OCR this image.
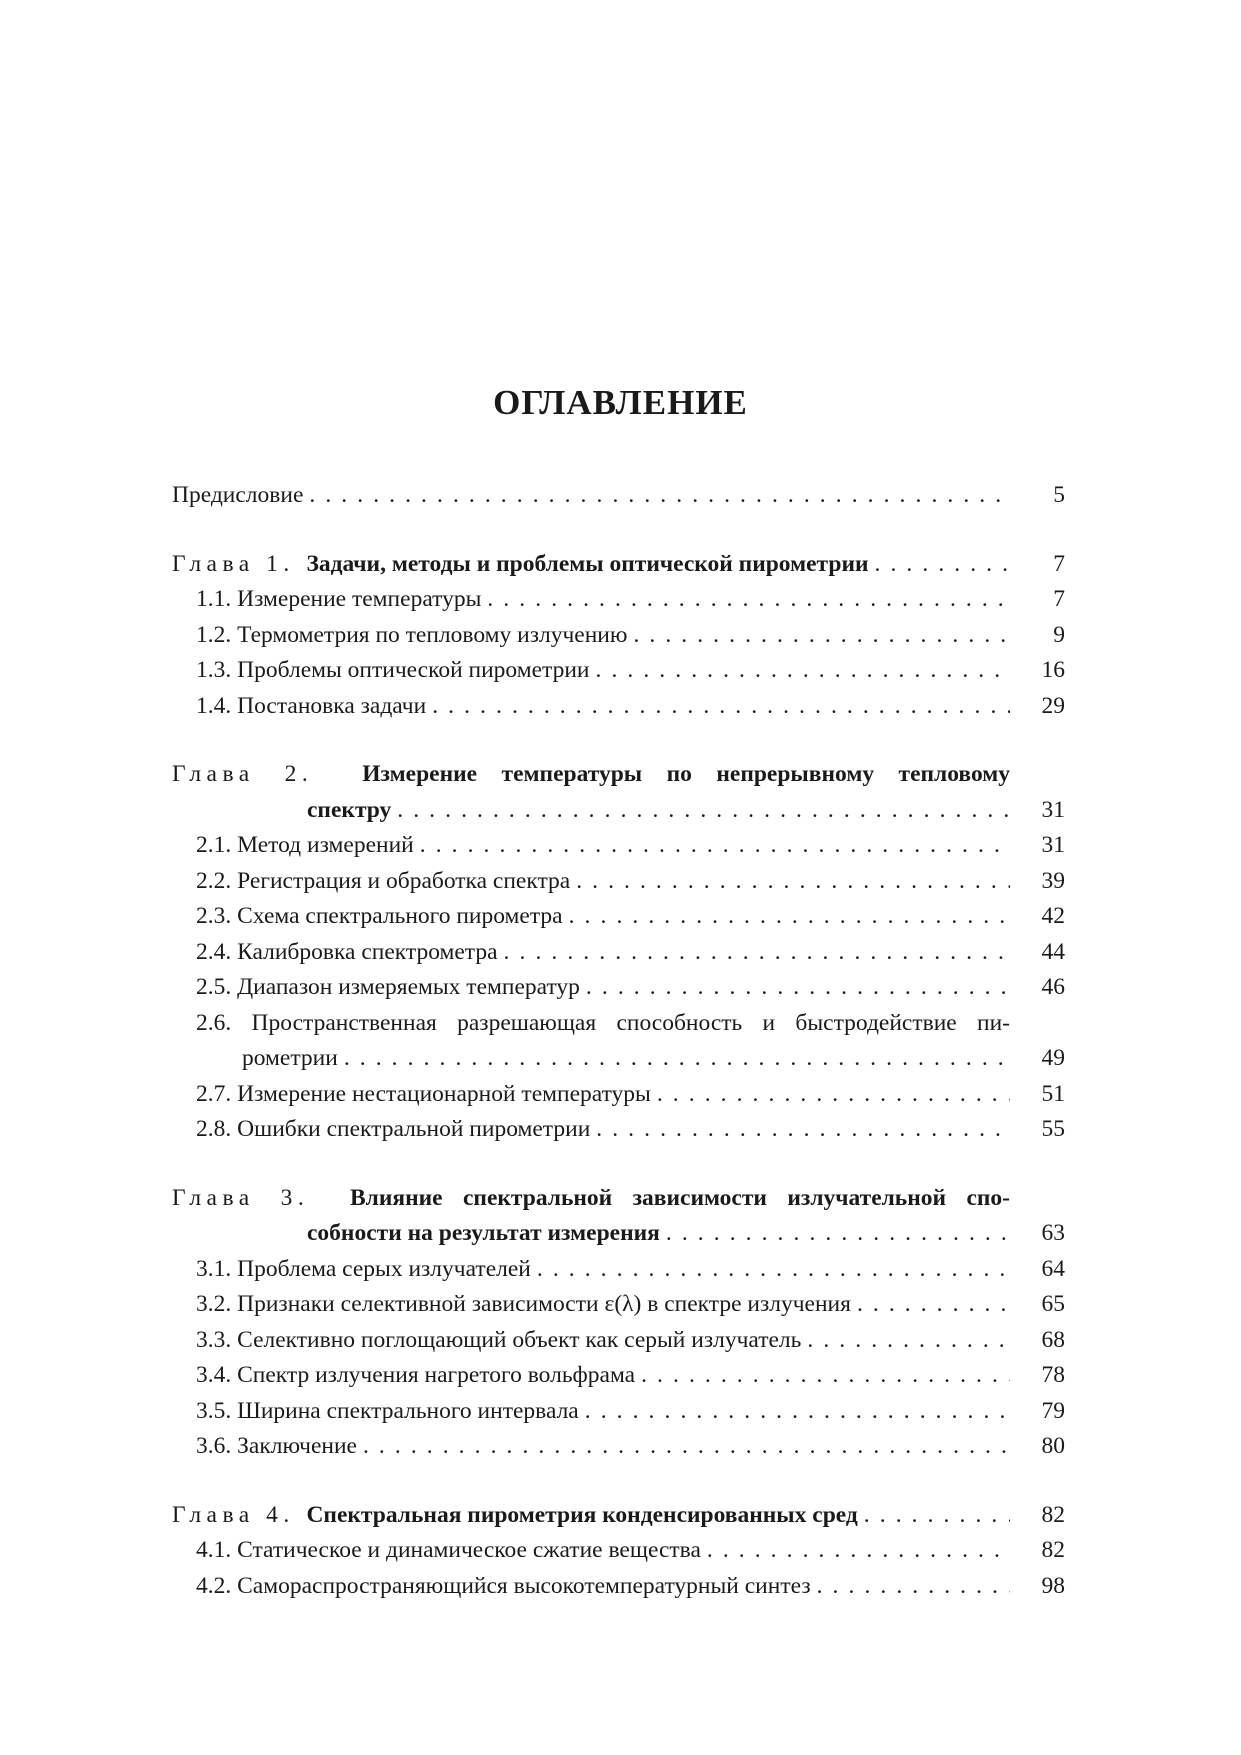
ОГЛАВЛЕНИЕ
Предисловие . . .	5
Глава 1. Задачи, методы и проблемы оптической пирометрии . . .	7
1.1. Измерение температуры . . .	7
1.2. Термометрия по тепловому излучению . . .	9
1.3. Проблемы оптической пирометрии . . .	16
1.4. Постановка задачи . . .	29
Глава 2. Измерение температуры по непрерывному тепловому
спектру . . .	31
2.1. Метод измерений . . .	31
2.2. Регистрация и обработка спектра . . .	39
2.3. Схема спектрального пирометра . . .	42
2.4. Калибровка спектрометра . . .	44
2.5. Диапазон измеряемых температур . . .	46
2.6. Пространственная разрешающая способность и быстродействие пи-
рометрии . . .	49
2.7. Измерение нестационарной температуры . . .	51
2.8. Ошибки спектральной пирометрии . . .	55
Глава 3. Влияние спектральной зависимости излучательной спо-
собности на результат измерения . . .	63
3.1. Проблема серых излучателей . . .	64
3.2. Признаки селективной зависимости ε(λ) в спектре излучения . . .	65
3.3. Селективно поглощающий объект как серый излучатель . . .	68
3.4. Спектр излучения нагретого вольфрама . . .	78
3.5. Ширина спектрального интервала . . .	79
3.6. Заключение . . .	80
Глава 4. Спектральная пирометрия конденсированных сред . . .	82
4.1. Статическое и динамическое сжатие вещества . . .	82
4.2. Самораспространяющийся высокотемпературный синтез . . .	98
